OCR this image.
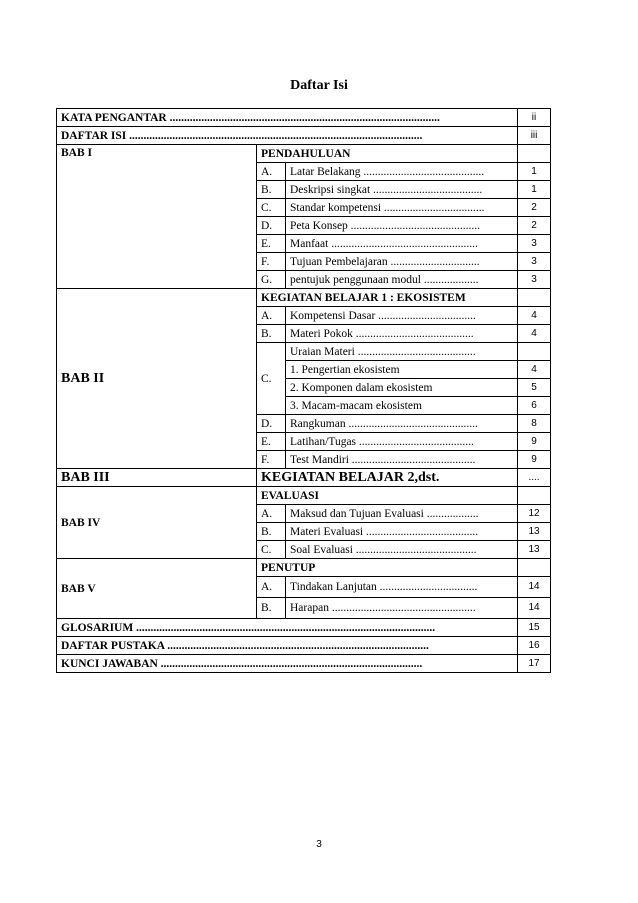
Daftar Isi
KATA PENGANTAR ..............................................................................................			ii
DAFTAR ISI ......................................................................................................			iii
BAB I	PENDAHULUAN		
	A.	Latar Belakang ..........................................	1
	B.	Deskripsi singkat ......................................	1
	C.	Standar kompetensi ...................................	2
	D.	Peta Konsep .............................................	2
	E.	Manfaat ...................................................	3
	F.	Tujuan Pembelajaran ...............................	3
	G.	pentujuk penggunaan modul ...................	3
BAB II	KEGIATAN BELAJAR 1 : EKOSISTEM		
	A.	Kompetensi Dasar ..................................	4
	B.	Materi Pokok .........................................	4
	C.	Uraian Materi .........................................	
		1. Pengertian ekosistem	4
		2. Komponen dalam ekosistem	5
		3. Macam-macam ekosistem	6
	D.	Rangkuman .............................................	8
	E.	Latihan/Tugas ........................................	9
	F.	Test Mandiri ...........................................	9
BAB III	KEGIATAN BELAJAR 2,dst.		....
BAB IV	EVALUASI		
	A.	Maksud dan Tujuan Evaluasi ..................	12
	B.	Materi Evaluasi .......................................	13
	C.	Soal Evaluasi ..........................................	13
BAB V	PENUTUP		
	A.	Tindakan Lanjutan ..................................	14
	B.	Harapan ..................................................	14
GLOSARIUM ........................................................................................................			15
DAFTAR PUSTAKA ...........................................................................................			16
KUNCI JAWABAN ...........................................................................................			17
3
